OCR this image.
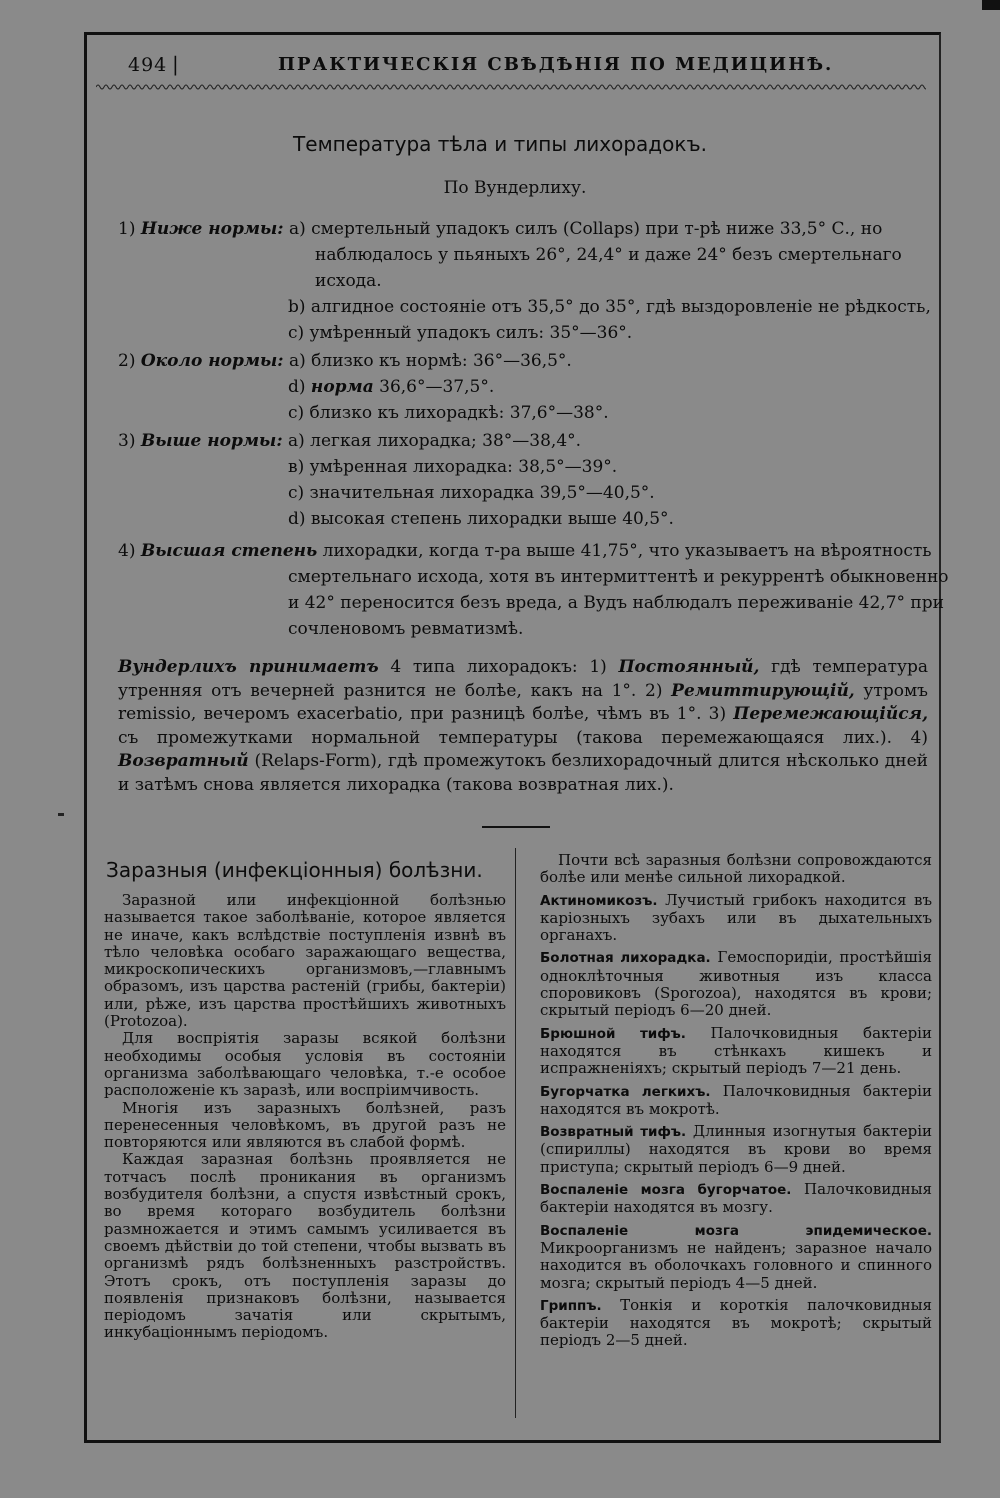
494 |	ПРАКТИЧЕСКІЯ СВѢДѢНІЯ ПО МЕДИЦИНѢ.
Температура тѣла и типы лихорадокъ.
По Вундерлиху.
1) Ниже нормы: a) смертельный упадокъ силъ (Collaps) при т-рѣ ниже 33,5° С., но
наблюдалось у пьяныхъ 26°, 24,4° и даже 24° безъ смертельнаго
исхода.
b) алгидное состояніе отъ 35,5° до 35°, гдѣ выздоровленіе не рѣдкость,
c) умѣренный упадокъ силъ: 35°—36°.
2) Около нормы: a) близко къ нормѣ: 36°—36,5°.
d) норма 36,6°—37,5°.
c) близко къ лихорадкѣ: 37,6°—38°.
3) Выше нормы: a) легкая лихорадка; 38°—38,4°.
в) умѣренная лихорадка: 38,5°—39°.
c) значительная лихорадка 39,5°—40,5°.
d) высокая степень лихорадки выше 40,5°.
4) Высшая степень лихорадки, когда т-ра выше 41,75°, что указываетъ на вѣроятность
смертельнаго исхода, хотя въ интермиттентѣ и рекуррентѣ обыкновенно
и 42° переносится безъ вреда, а Вудъ наблюдалъ переживаніе 42,7° при
сочленовомъ ревматизмѣ.
Вундерлихъ принимаетъ 4 типа лихорадокъ: 1) Постоянный, гдѣ температура утренняя отъ вечерней разнится не болѣе, какъ на 1°. 2) Ремиттирующій, утромъ remissio, вечеромъ exacerbatio, при разницѣ болѣе, чѣмъ въ 1°. 3) Перемежающійся, съ промежутками нормальной температуры (такова перемежающаяся лих.). 4) Возвратный (Relaps-Form), гдѣ промежутокъ безлихорадочный длится нѣсколько дней и затѣмъ снова является лихорадка (такова возвратная лих.).
Заразныя (инфекціонныя) болѣзни.
Заразной или инфекціонной болѣзнью называется такое заболѣваніе, которое является не иначе, какъ вслѣдствіе поступленія извнѣ въ тѣло человѣка особаго заражающаго вещества, микроскопическихъ организмовъ,—главнымъ образомъ, изъ царства растеній (грибы, бактеріи) или, рѣже, изъ царства простѣйшихъ животныхъ (Protozoa).
Для воспріятія заразы всякой болѣзни необходимы особыя условія въ состояніи организма заболѣвающаго человѣка, т.-е особое расположеніе къ заразѣ, или воспріимчивость.
Многія изъ заразныхъ болѣзней, разъ перенесенныя человѣкомъ, въ другой разъ не повторяются или являются въ слабой формѣ.
Каждая заразная болѣзнь проявляется не тотчасъ послѣ проникания въ организмъ возбудителя болѣзни, а спустя извѣстный срокъ, во время котораго возбудитель болѣзни размножается и этимъ самымъ усиливается въ своемъ дѣйствіи до той степени, чтобы вызвать въ организмѣ рядъ болѣзненныхъ разстройствъ. Этотъ срокъ, отъ поступленія заразы до появленія признаковъ болѣзни, называется періодомъ зачатія или скрытымъ, инкубаціоннымъ періодомъ.
Почти всѣ заразныя болѣзни сопровождаются болѣе или менѣе сильной лихорадкой.
Актиномикозъ. Лучистый грибокъ находится въ каріозныхъ зубахъ или въ дыхательныхъ органахъ.
Болотная лихорадка. Гемоспоридіи, простѣйшія одноклѣточныя животныя изъ класса споровиковъ (Sporozoa), находятся въ крови; скрытый періодъ 6—20 дней.
Брюшной тифъ. Палочковидныя бактеріи находятся въ стѣнкахъ кишекъ и испражненіяхъ; скрытый періодъ 7—21 день.
Бугорчатка легкихъ. Палочковидныя бактеріи находятся въ мокротѣ.
Возвратный тифъ. Длинныя изогнутыя бактеріи (спириллы) находятся въ крови во время приступа; скрытый періодъ 6—9 дней.
Воспаленіе мозга бугорчатое. Палочковидныя бактеріи находятся въ мозгу.
Воспаленіе мозга эпидемическое. Микроорганизмъ не найденъ; заразное начало находится въ оболочкахъ головного и спинного мозга; скрытый періодъ 4—5 дней.
Гриппъ. Тонкія и короткія палочковидныя бактеріи находятся въ мокротѣ; скрытый періодъ 2—5 дней.
